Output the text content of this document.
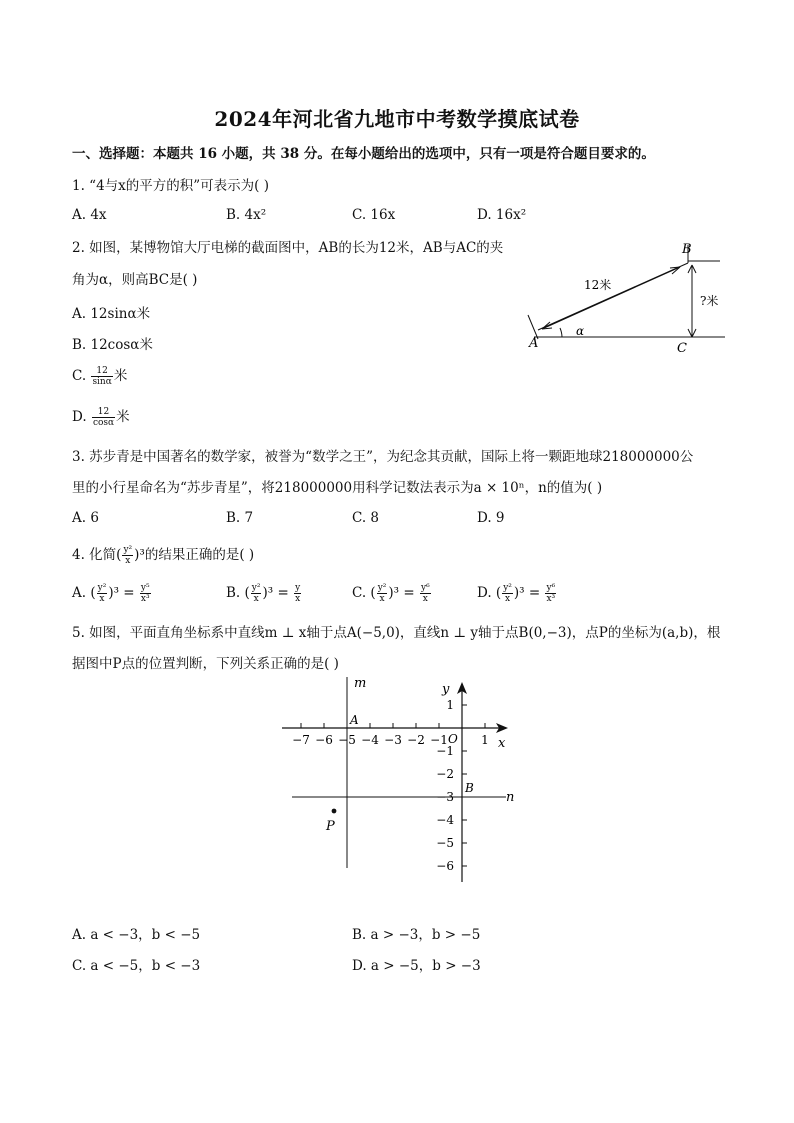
2024年河北省九地市中考数学摸底试卷
一、选择题：本题共 16 小题，共 38 分。在每小题给出的选项中，只有一项是符合题目要求的。
1. “4与x的平方的积”可表示为( )
A. 4x	B. 4x²	C. 16x	D. 16x²
2. 如图，某博物馆大厅电梯的截面图中，AB的长为12米，AB与AC的夹
角为α，则高BC是( )
A. 12sinα米
B. 12cosα米
C. $\frac{12}{\sin\alpha}$ 米
D. $\frac{12}{\cos\alpha}$ 米
A
B
C
12米
?米
α
3. 苏步青是中国著名的数学家，被誉为“数学之王”，为纪念其贡献，国际上将一颗距地球218000000公
里的小行星命名为“苏步青星”，将218000000用科学记数法表示为a × 10ⁿ，n的值为( )
A. 6	B. 7	C. 8	D. 9
4. 化简( $\frac{\text{y²}}{x} )^3$的结果正确的是( )
A. ( $\frac{\text{y²}}{x} )^3 = \frac{\text{y⁵}}{\text{x³}}$	B. ( $\frac{\text{y²}}{x} )^3 = \frac{y}{x}$	C. ( $\frac{\text{y²}}{x} )^3 = \frac{\text{y⁶}}{x}$	D. ( $\frac{\text{y²}}{x} )^3 = \frac{\text{y⁶}}{\text{x³}}$
5. 如图，平面直角坐标系中直线m ⊥ x轴于点A(−5,0)，直线n ⊥ y轴于点B(0,−3)，点P的坐标为(a,b)，根
据图中P点的位置判断，下列关系正确的是( )
−7 −6 −5 −4 −3 −2 −1	1
1
−1
−2
−3
−4
−5
−6
P
m
n
x
y
O
A
B
A. a < −3，b < −5	B. a > −3，b > −5
C. a < −5，b < −3	D. a > −5，b > −3
